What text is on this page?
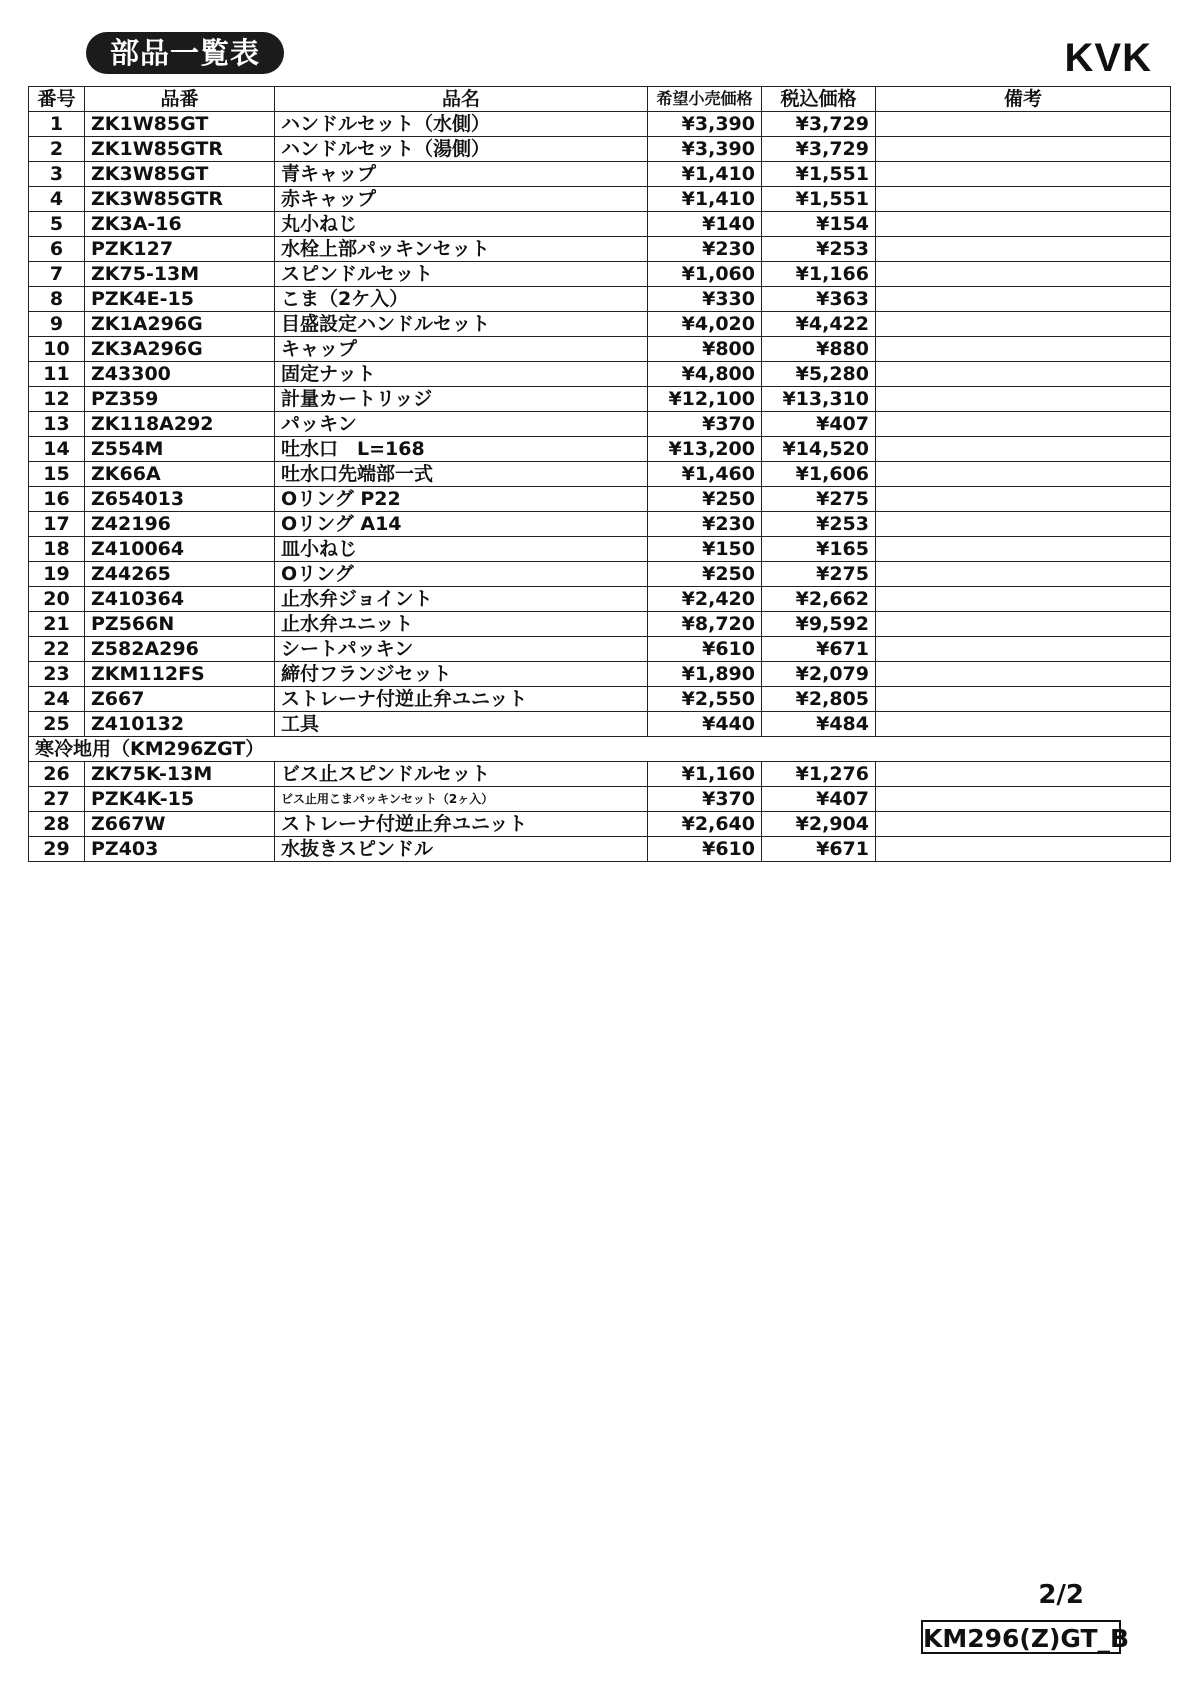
部品一覧表	KVK
番号	品番	品名	希望小売価格	税込価格	備考
1	ZK1W85GT	ハンドルセット（水側）	¥3,390	¥3,729	
2	ZK1W85GTR	ハンドルセット（湯側）	¥3,390	¥3,729	
3	ZK3W85GT	青キャップ	¥1,410	¥1,551	
4	ZK3W85GTR	赤キャップ	¥1,410	¥1,551	
5	ZK3A-16	丸小ねじ	¥140	¥154	
6	PZK127	水栓上部パッキンセット	¥230	¥253	
7	ZK75-13M	スピンドルセット	¥1,060	¥1,166	
8	PZK4E-15	こま（2ケ入）	¥330	¥363	
9	ZK1A296G	目盛設定ハンドルセット	¥4,020	¥4,422	
10	ZK3A296G	キャップ	¥800	¥880	
11	Z43300	固定ナット	¥4,800	¥5,280	
12	PZ359	計量カートリッジ	¥12,100	¥13,310	
13	ZK118A292	パッキン	¥370	¥407	
14	Z554M	吐水口　L=168	¥13,200	¥14,520	
15	ZK66A	吐水口先端部一式	¥1,460	¥1,606	
16	Z654013	Oリング P22	¥250	¥275	
17	Z42196	Oリング A14	¥230	¥253	
18	Z410064	皿小ねじ	¥150	¥165	
19	Z44265	Oリング	¥250	¥275	
20	Z410364	止水弁ジョイント	¥2,420	¥2,662	
21	PZ566N	止水弁ユニット	¥8,720	¥9,592	
22	Z582A296	シートパッキン	¥610	¥671	
23	ZKM112FS	締付フランジセット	¥1,890	¥2,079	
24	Z667	ストレーナ付逆止弁ユニット	¥2,550	¥2,805	
25	Z410132	工具	¥440	¥484	
寒冷地用（KM296ZGT）					
26	ZK75K-13M	ビス止スピンドルセット	¥1,160	¥1,276	
27	PZK4K-15	ビス止用こまパッキンセット（2ヶ入）	¥370	¥407	
28	Z667W	ストレーナ付逆止弁ユニット	¥2,640	¥2,904	
29	PZ403	水抜きスピンドル	¥610	¥671	
2/2
KM296(Z)GT_B
